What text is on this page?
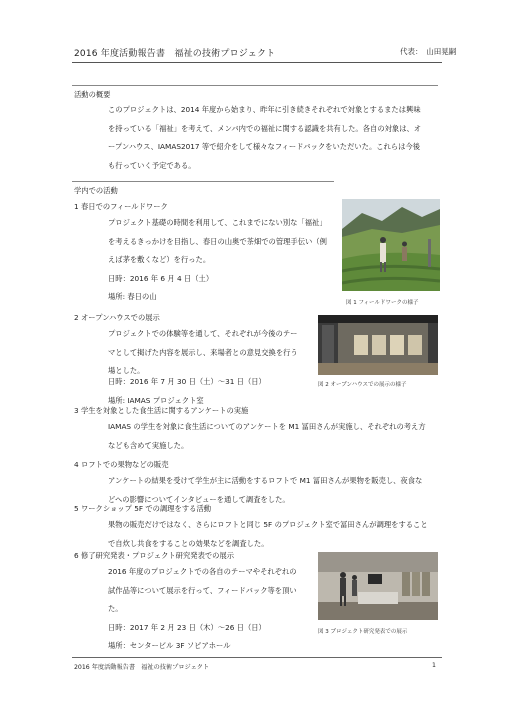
2016 年度活動報告書　福祉の技術プロジェクト	代表：　山田晃嗣
活動の概要
このプロジェクトは、2014 年度から始まり、昨年に引き続きそれぞれで対象とするまたは興味
を持っている「福祉」を考えて、メンバ内での福祉に関する認識を共有した。各自の対象は、オ
ープンハウス、IAMAS2017 等で紹介をして様々なフィードバックをいただいた。これらは今後
も行っていく予定である。
学内での活動
1 春日でのフィールドワーク
プロジェクト基礎の時間を利用して、これまでにない別な「福祉」
を考えるきっかけを目指し、春日の山奥で茶畑での管理手伝い（例
えば茅を敷くなど）を行った。
日時：2016 年 6 月 4 日（土）
場所: 春日の山
図 1 フィールドワークの様子
2 オープンハウスでの展示
プロジェクトでの体験等を通して、それぞれが今後のテー
マとして掲げた内容を展示し、来場者との意見交換を行う
場とした。
日時：2016 年 7 月 30 日（土）～31 日（日）
場所: IAMAS プロジェクト室
図 2 オープンハウスでの展示の様子
3 学生を対象とした食生活に関するアンケートの実施
IAMAS の学生を対象に食生活についてのアンケートを M1 冨田さんが実施し、それぞれの考え方
なども含めて実施した。
4 ロフトでの果物などの販売
アンケートの結果を受けて学生が主に活動をするロフトで M1 冨田さんが果物を販売し、夜食な
どへの影響についてインタビューを通して調査をした。
5 ワークショップ 5F での調理をする活動
果物の販売だけではなく、さらにロフトと同じ 5F のプロジェクト室で冨田さんが調理をすること
で自炊し共食をすることの効果などを調査した。
6 修了研究発表・プロジェクト研究発表での展示
2016 年度のプロジェクトでの各自のテーマやそれぞれの
試作品等について展示を行って、フィードバック等を頂い
た。
日時：2017 年 2 月 23 日（木）～26 日（日）
場所：センタービル 3F ソピアホール
図 3 プロジェクト研究発表での展示
2016 年度活動報告書　福祉の技術プロジェクト	1
